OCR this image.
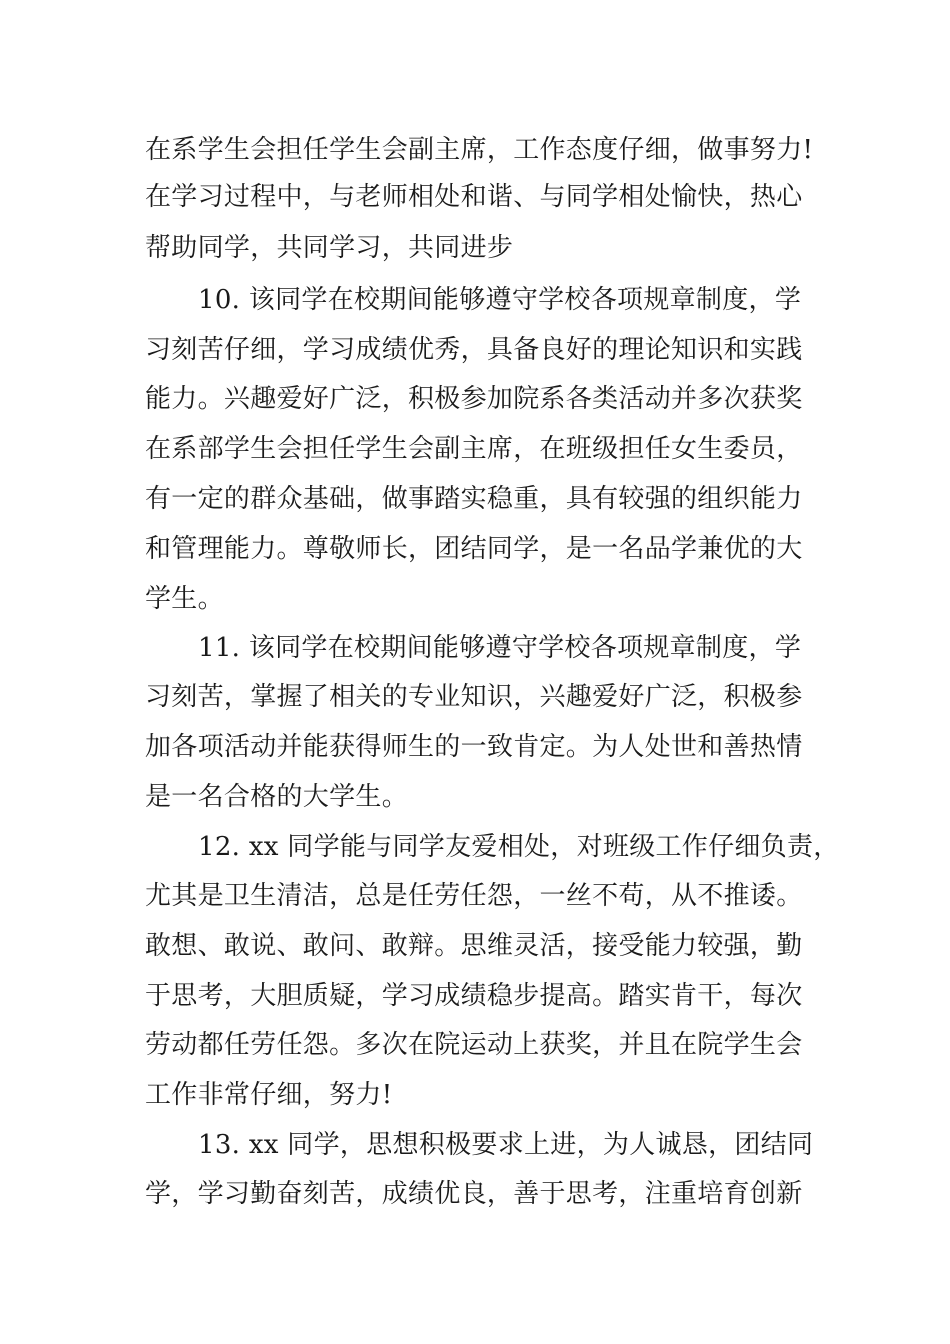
在系学生会担任学生会副主席，工作态度仔细，做事努力!
在学习过程中，与老师相处和谐、与同学相处愉快，热心
帮助同学，共同学习，共同进步
10. 该同学在校期间能够遵守学校各项规章制度，学
习刻苦仔细，学习成绩优秀，具备良好的理论知识和实践
能力。兴趣爱好广泛，积极参加院系各类活动并多次获奖
在系部学生会担任学生会副主席，在班级担任女生委员，
有一定的群众基础，做事踏实稳重，具有较强的组织能力
和管理能力。尊敬师长，团结同学，是一名品学兼优的大
学生。
11. 该同学在校期间能够遵守学校各项规章制度，学
习刻苦，掌握了相关的专业知识，兴趣爱好广泛，积极参
加各项活动并能获得师生的一致肯定。为人处世和善热情
是一名合格的大学生。
12. xx 同学能与同学友爱相处，对班级工作仔细负责，
尤其是卫生清洁，总是任劳任怨，一丝不苟，从不推诿。
敢想、敢说、敢问、敢辩。思维灵活，接受能力较强，勤
于思考，大胆质疑，学习成绩稳步提高。踏实肯干，每次
劳动都任劳任怨。多次在院运动上获奖，并且在院学生会
工作非常仔细，努力!
13. xx 同学，思想积极要求上进，为人诚恳，团结同
学，学习勤奋刻苦，成绩优良，善于思考，注重培育创新
